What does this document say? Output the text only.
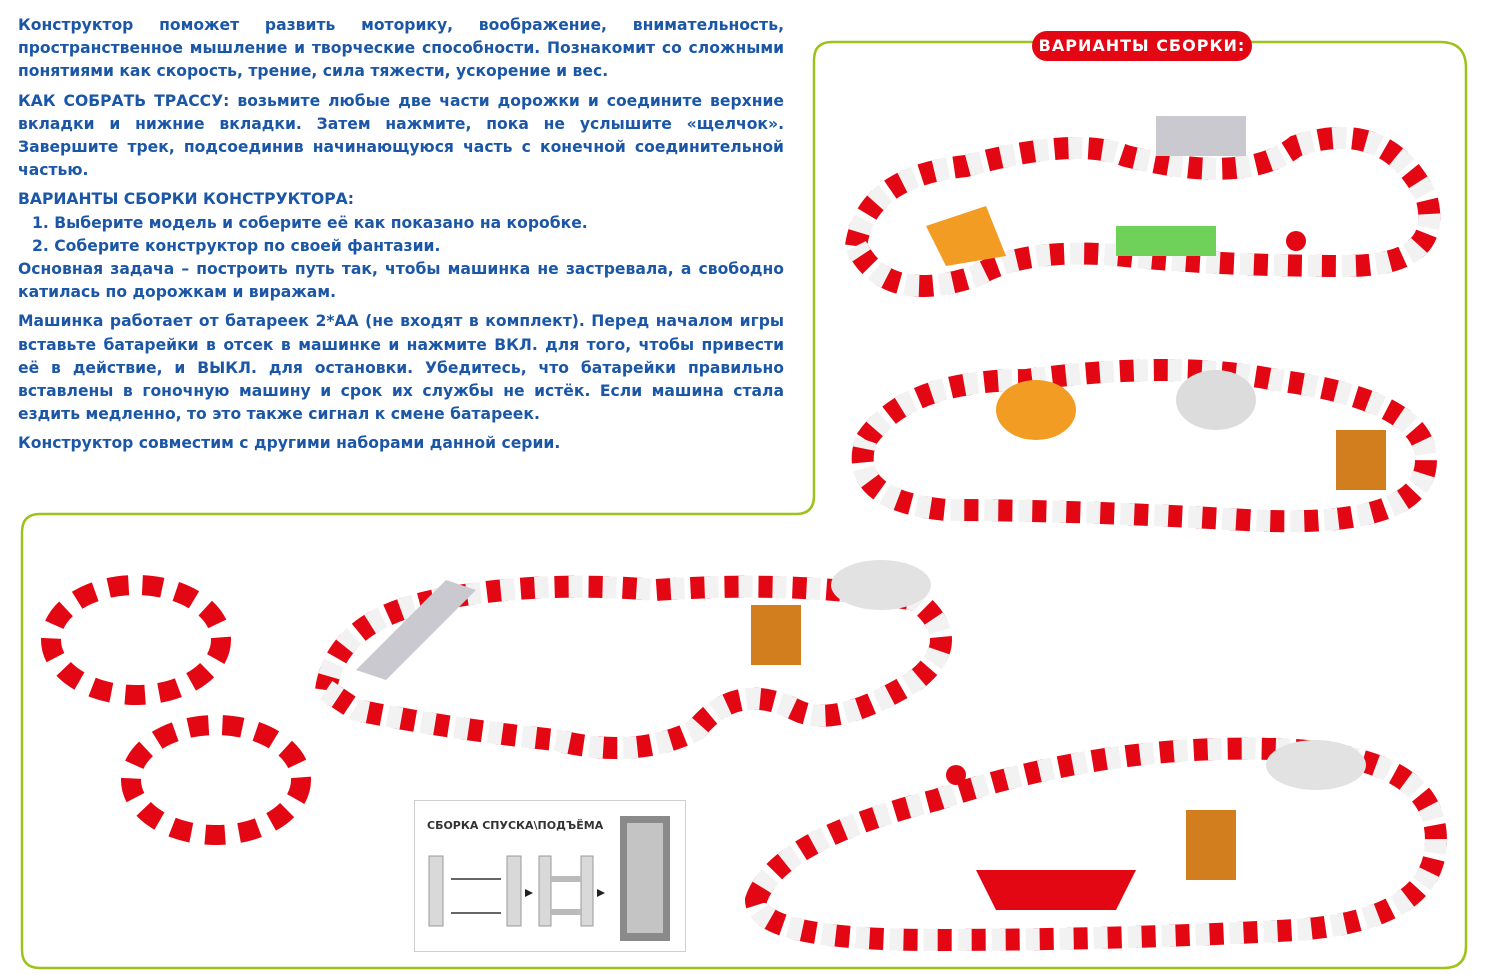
Конструктор поможет развить моторику, воображение, внимательность, пространственное мышление и творческие способности. Познакомит со сложными понятиями как скорость, трение, сила тяжести, ускорение и вес.

КАК СОБРАТЬ ТРАССУ: возьмите любые две части дорожки и соедините верхние вкладки и нижние вкладки. Затем нажмите, пока не услышите «щелчок». Завершите трек, подсоединив начинающуюся часть с конечной соединительной частью.

ВАРИАНТЫ СБОРКИ КОНСТРУКТОРА:

1. Выберите модель и соберите её как показано на коробке.

2. Соберите конструктор по своей фантазии.

Основная задача – построить путь так, чтобы машинка не застревала, а свободно катилась по дорожкам и виражам.

Машинка работает от батареек 2*AA (не входят в комплект). Перед началом игры вставьте батарейки в отсек в машинке и нажмите ВКЛ. для того, чтобы привести её в действие, и ВЫКЛ. для остановки. Убедитесь, что батарейки правильно вставлены в гоночную машину и срок их службы не истёк. Если машина стала ездить медленно, то это также сигнал к смене батареек.

Конструктор совместим с другими наборами данной серии.

ВАРИАНТЫ СБОРКИ:
СБОРКА СПУСКА\ПОДЪЁМА
